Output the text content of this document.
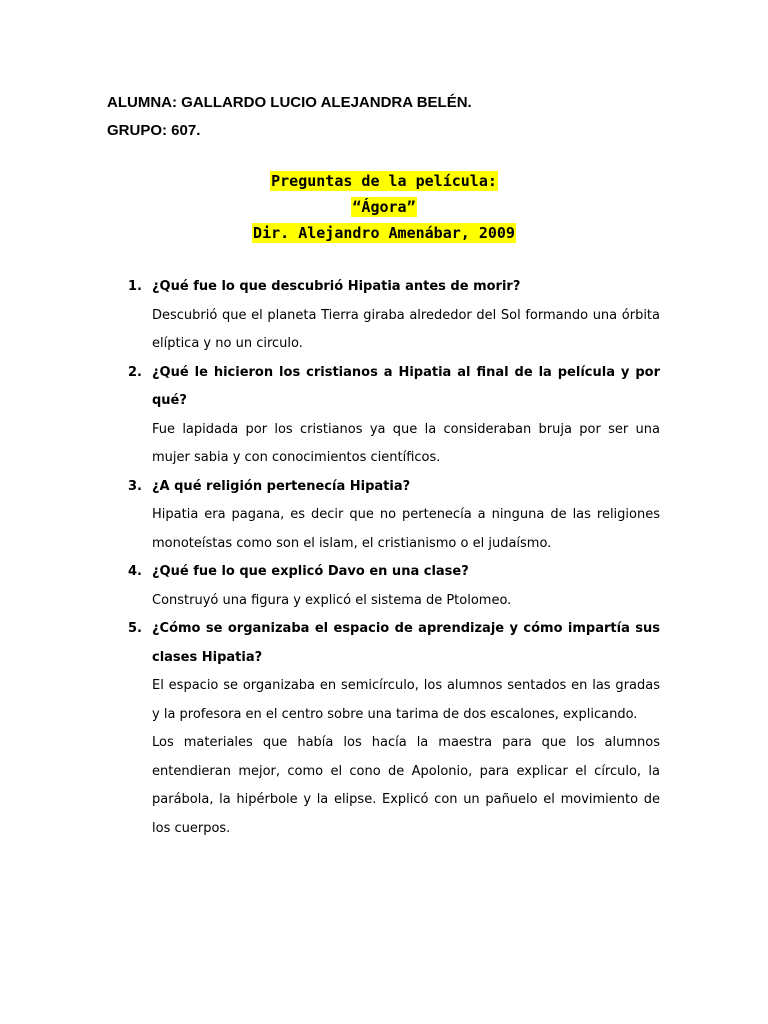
ALUMNA: GALLARDO LUCIO ALEJANDRA BELÉN.
GRUPO: 607.
Preguntas de la película:
“Ágora”
Dir. Alejandro Amenábar, 2009
1. ¿Qué fue lo que descubrió Hipatia antes de morir?
Descubrió que el planeta Tierra giraba alrededor del Sol formando una órbita elíptica y no un circulo.
2. ¿Qué le hicieron los cristianos a Hipatia al final de la película y por qué?
Fue lapidada por los cristianos ya que la consideraban bruja por ser una mujer sabia y con conocimientos científicos.
3. ¿A qué religión pertenecía Hipatia?
Hipatia era pagana, es decir que no pertenecía a ninguna de las religiones monoteístas como son el islam, el cristianismo o el judaísmo.
4. ¿Qué fue lo que explicó Davo en una clase?
Construyó una figura y explicó el sistema de Ptolomeo.
5. ¿Cómo se organizaba el espacio de aprendizaje y cómo impartía sus clases Hipatia?
El espacio se organizaba en semicírculo, los alumnos sentados en las gradas y la profesora en el centro sobre una tarima de dos escalones, explicando.
Los materiales que había los hacía la maestra para que los alumnos entendieran mejor, como el cono de Apolonio, para explicar el círculo, la parábola, la hipérbole y la elipse. Explicó con un pañuelo el movimiento de los cuerpos.
